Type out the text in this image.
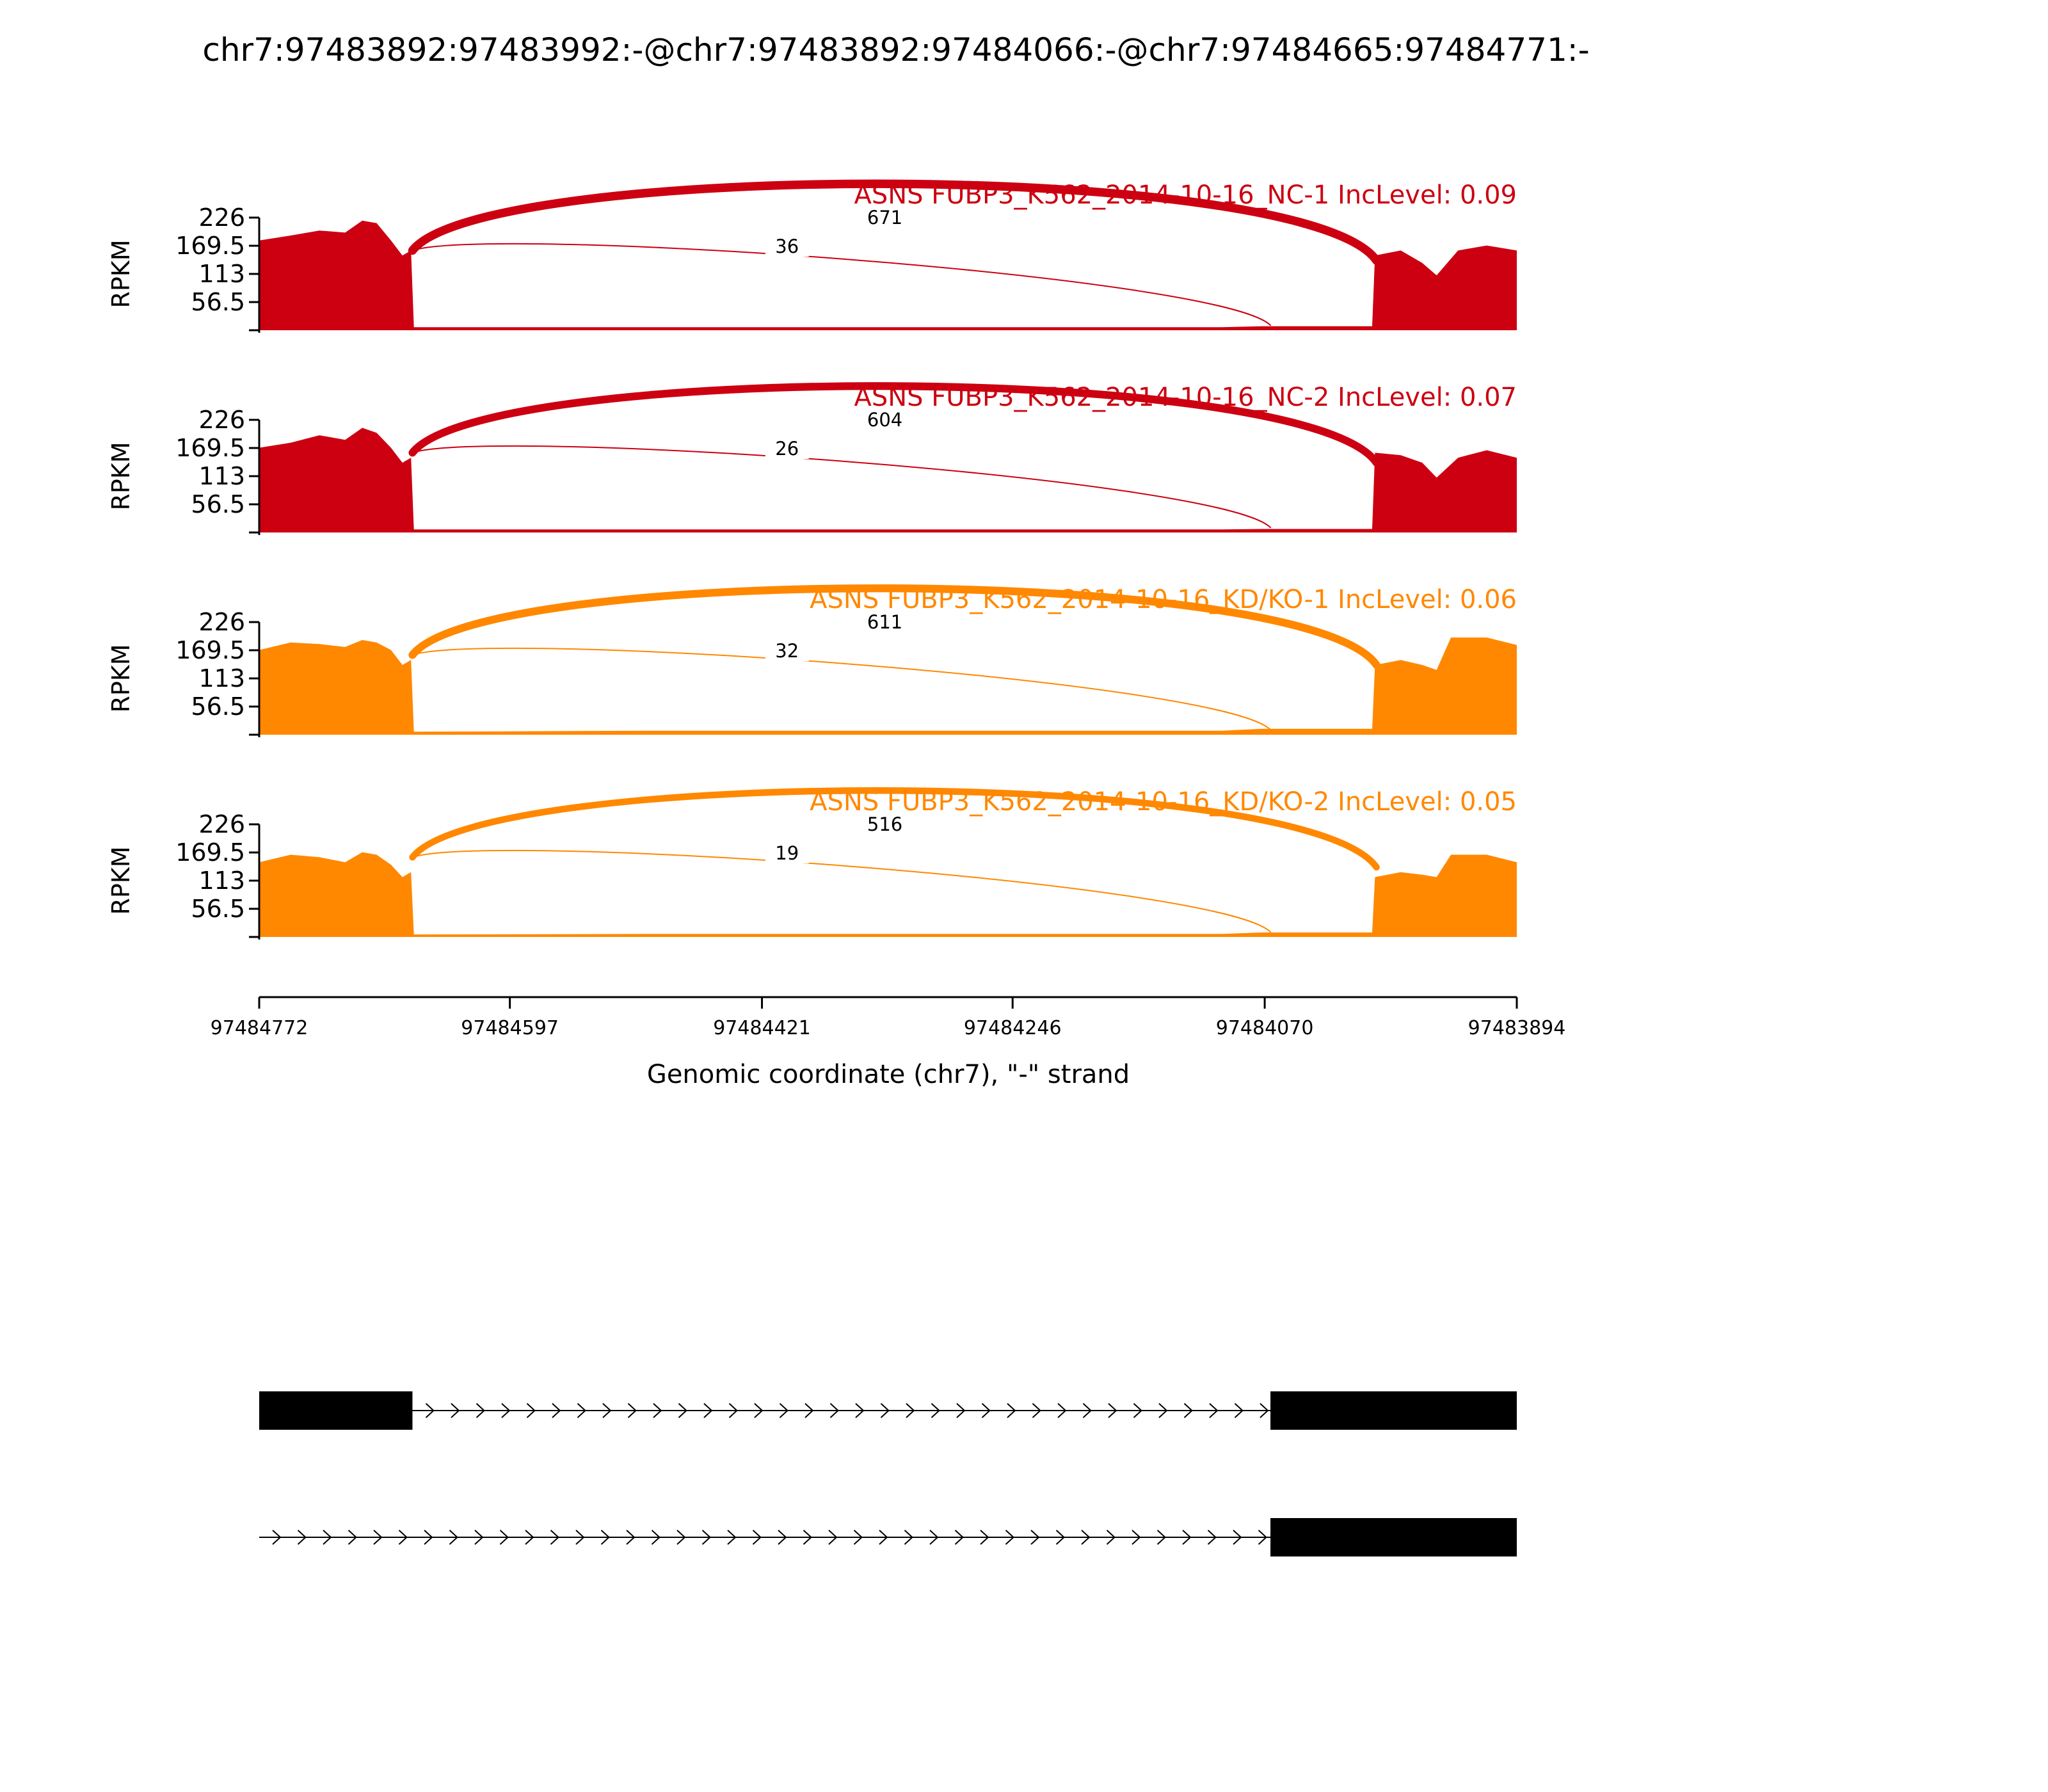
chr7:97483892:97483992:-@chr7:97483892:97484066:-@chr7:97484665:97484771:-
56.5
113
169.5
226
RPKM
671
36
ASNS FUBP3_K562_2014-10-16_NC-1 IncLevel: 0.09
56.5
113
169.5
226
RPKM
604
26
ASNS FUBP3_K562_2014-10-16_NC-2 IncLevel: 0.07
56.5
113
169.5
226
RPKM
611
32
ASNS FUBP3_K562_2014-10-16_KD/KO-1 IncLevel: 0.06
56.5
113
169.5
226
RPKM
516
19
ASNS FUBP3_K562_2014-10-16_KD/KO-2 IncLevel: 0.05
97484772	97484597	97484421	97484246	97484070	97483894
Genomic coordinate (chr7), "-" strand
